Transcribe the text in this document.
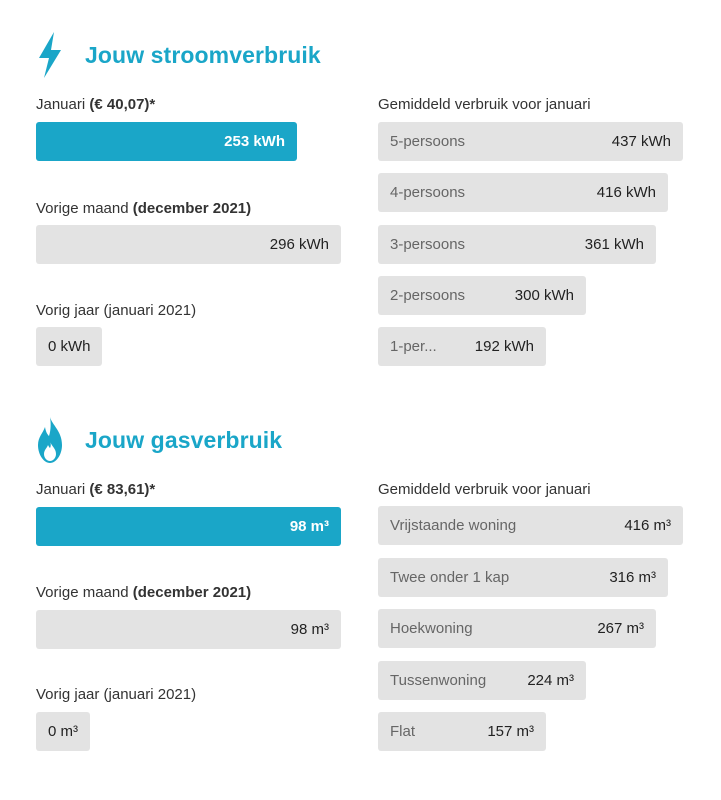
Jouw stroomverbruik
Januari (€ 40,07)*
253 kWh
Vorige maand (december 2021)
296 kWh
Vorig jaar (januari 2021)
0 kWh
Gemiddeld verbruik voor januari
5-persoons	437 kWh
4-persoons	416 kWh
3-persoons	361 kWh
2-persoons	300 kWh
1-per...	192 kWh
Jouw gasverbruik
Januari (€ 83,61)*
98 m³
Vorige maand (december 2021)
98 m³
Vorig jaar (januari 2021)
0 m³
Gemiddeld verbruik voor januari
Vrijstaande woning	416 m³
Twee onder 1 kap	316 m³
Hoekwoning	267 m³
Tussenwoning	224 m³
Flat	157 m³
